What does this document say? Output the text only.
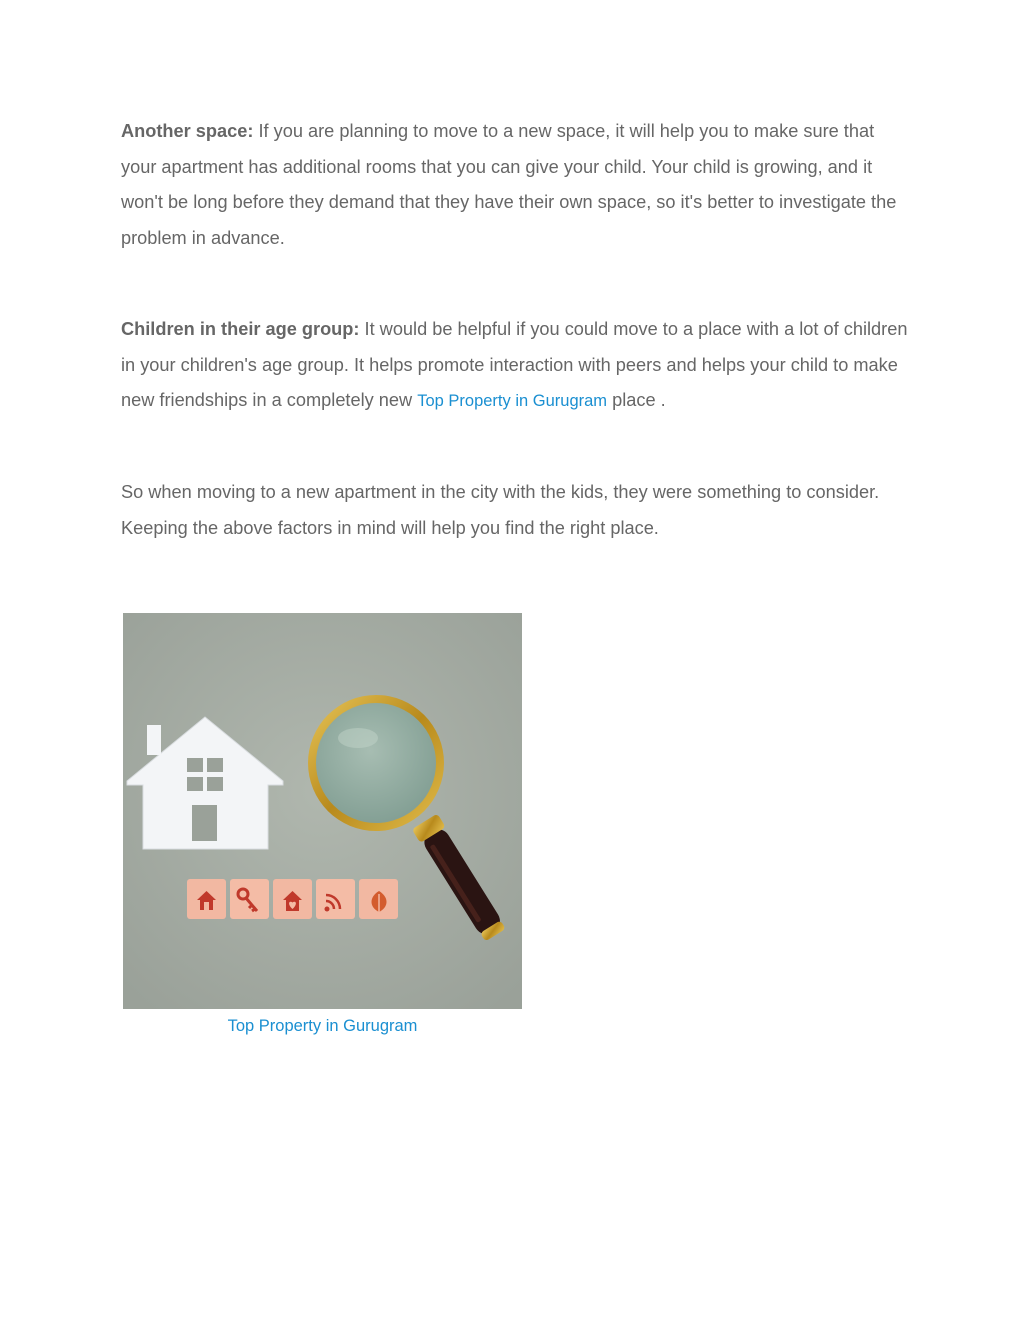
Another space: If you are planning to move to a new space, it will help you to make sure that your apartment has additional rooms that you can give your child. Your child is growing, and it won't be long before they demand that they have their own space, so it's better to investigate the problem in advance.

Children in their age group: It would be helpful if you could move to a place with a lot of children in your children's age group. It helps promote interaction with peers and helps your child to make new friendships in a completely new Top Property in Gurugram place .

So when moving to a new apartment in the city with the kids, they were something to consider. Keeping the above factors in mind will help you find the right place.

Top Property in Gurugram
